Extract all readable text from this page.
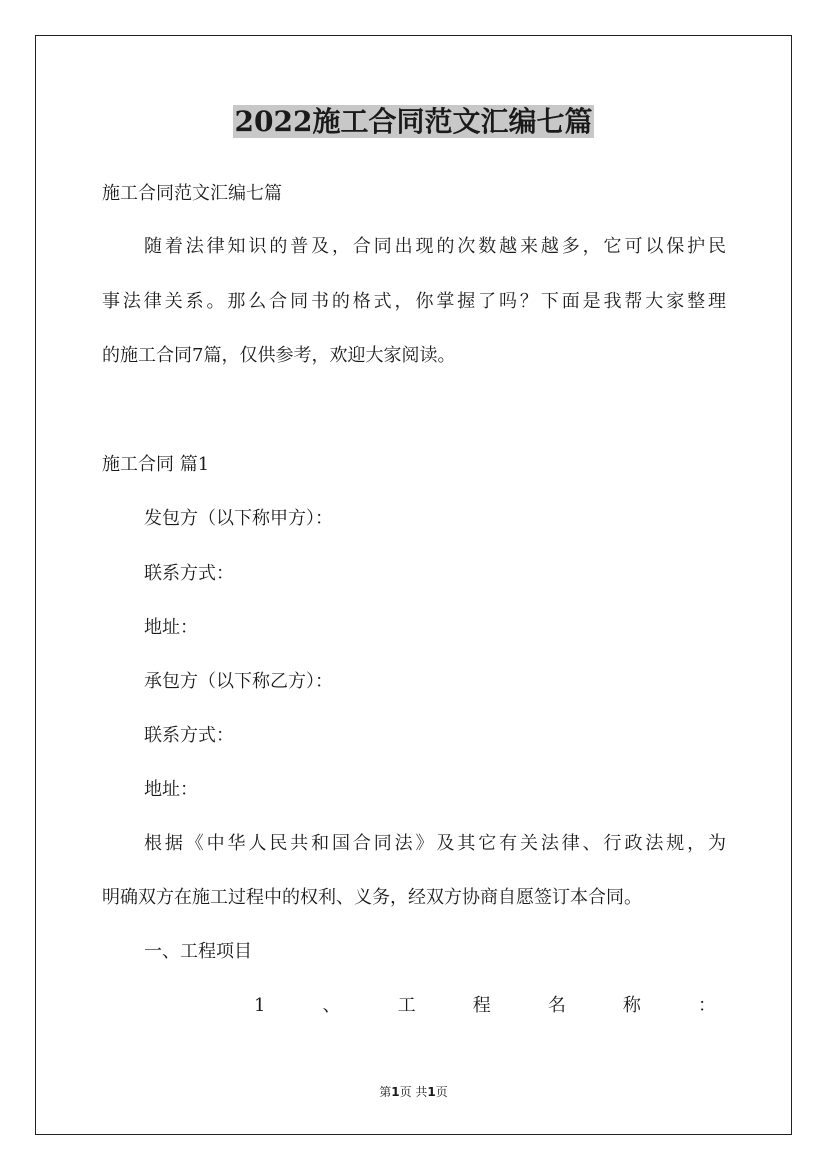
2022施工合同范文汇编七篇
施工合同范文汇编七篇
随着法律知识的普及，合同出现的次数越来越多，它可以保护民
事法律关系。那么合同书的格式，你掌握了吗？下面是我帮大家整理
的施工合同7篇，仅供参考，欢迎大家阅读。
施工合同 篇1
发包方（以下称甲方）：
联系方式：
地址：
承包方（以下称乙方）：
联系方式：
地址：
根据《中华人民共和国合同法》及其它有关法律、行政法规，为
明确双方在施工过程中的权利、义务，经双方协商自愿签订本合同。
一、工程项目
1、工程名称：
第1页 共1页
